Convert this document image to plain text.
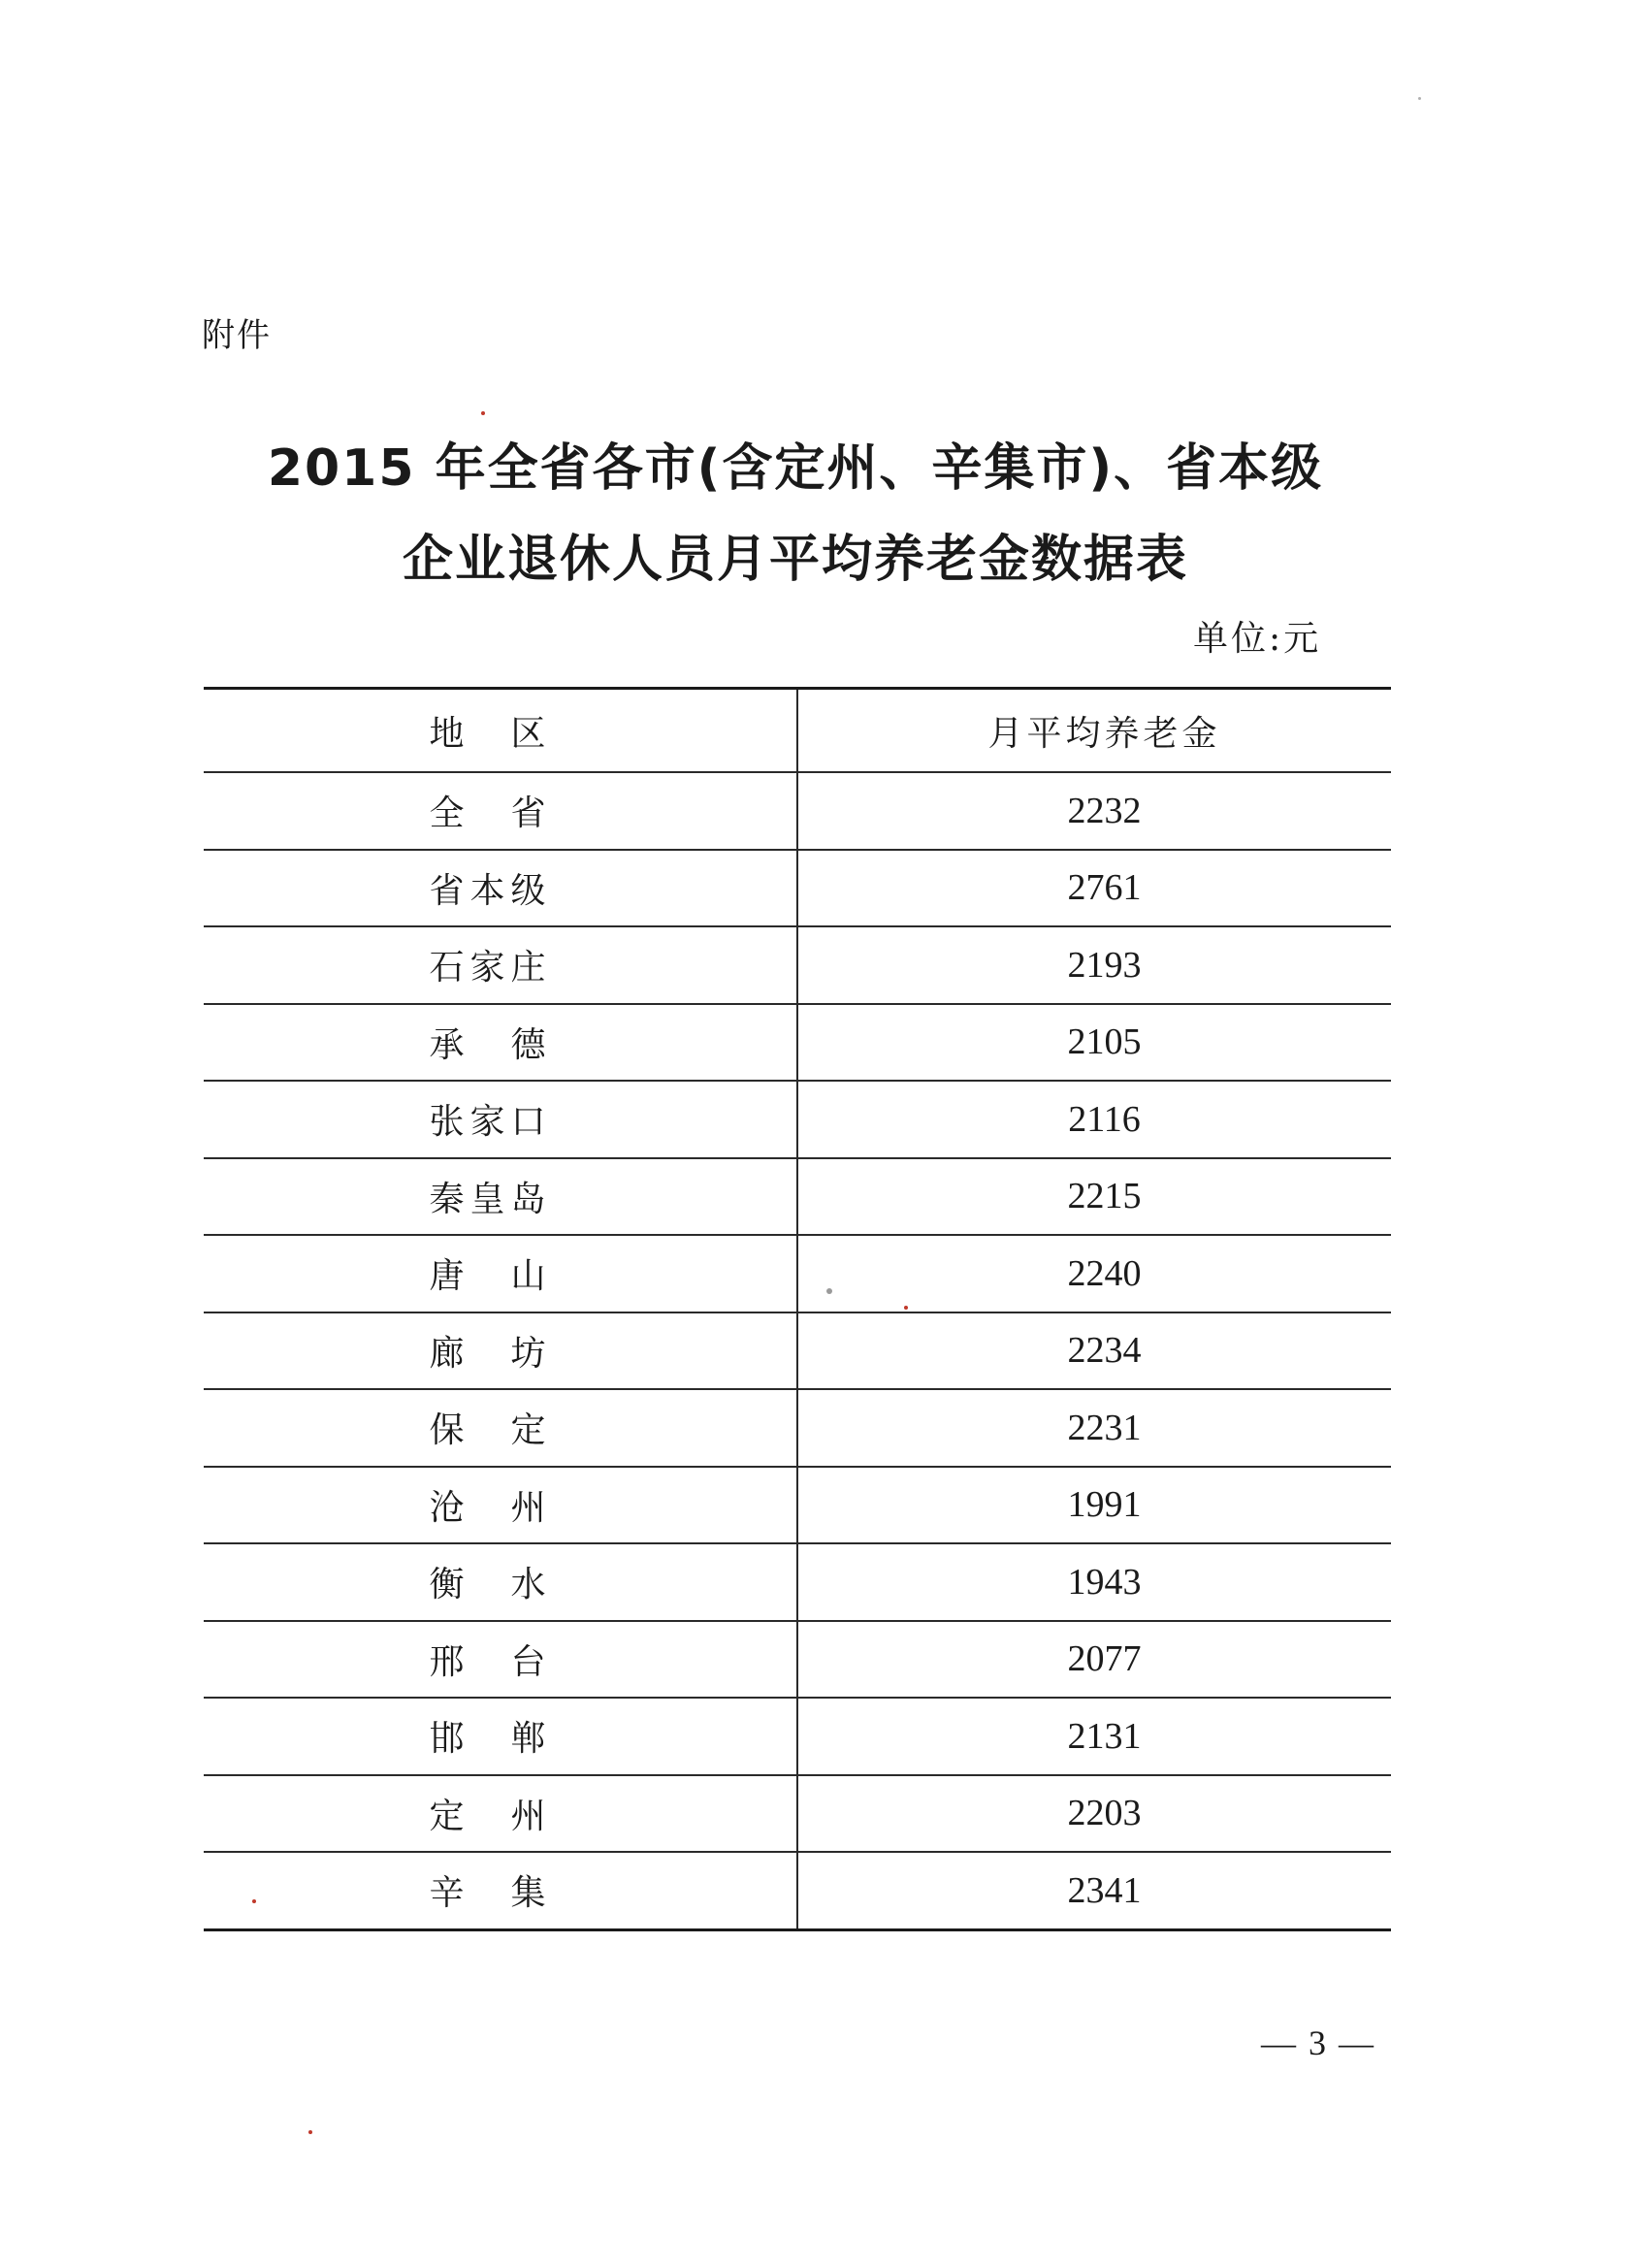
附件
2015 年全省各市(含定州、辛集市)、省本级
企业退休人员月平均养老金数据表
单位:元
地　区	月平均养老金
全　省	2232
省本级	2761
石家庄	2193
承　德	2105
张家口	2116
秦皇岛	2215
唐　山	2240
廊　坊	2234
保　定	2231
沧　州	1991
衡　水	1943
邢　台	2077
邯　郸	2131
定　州	2203
辛　集	2341
— 3 —
